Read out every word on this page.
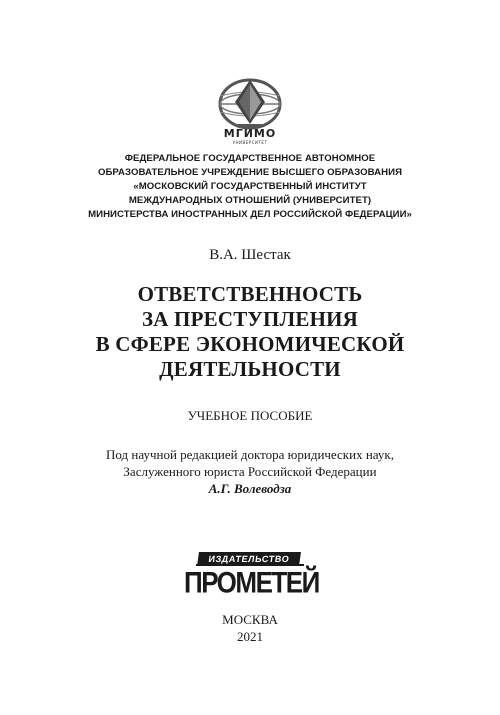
МГИМО
УНИВЕРСИТЕТ
ФЕДЕРАЛЬНОЕ ГОСУДАРСТВЕННОЕ АВТОНОМНОЕ
ОБРАЗОВАТЕЛЬНОЕ УЧРЕЖДЕНИЕ ВЫСШЕГО ОБРАЗОВАНИЯ
«МОСКОВСКИЙ ГОСУДАРСТВЕННЫЙ ИНСТИТУТ
МЕЖДУНАРОДНЫХ ОТНОШЕНИЙ (УНИВЕРСИТЕТ)
МИНИСТЕРСТВА ИНОСТРАННЫХ ДЕЛ РОССИЙСКОЙ ФЕДЕРАЦИИ»
В.А. Шестак
ОТВЕТСТВЕННОСТЬ
ЗА ПРЕСТУПЛЕНИЯ
В СФЕРЕ ЭКОНОМИЧЕСКОЙ
ДЕЯТЕЛЬНОСТИ
УЧЕБНОЕ ПОСОБИЕ
Под научной редакцией доктора юридических наук,
Заслуженного юриста Российской Федерации
А.Г. Волеводза
ИЗДАТЕЛЬСТВО
ПРОМЕТЕЙ
МОСКВА
2021
